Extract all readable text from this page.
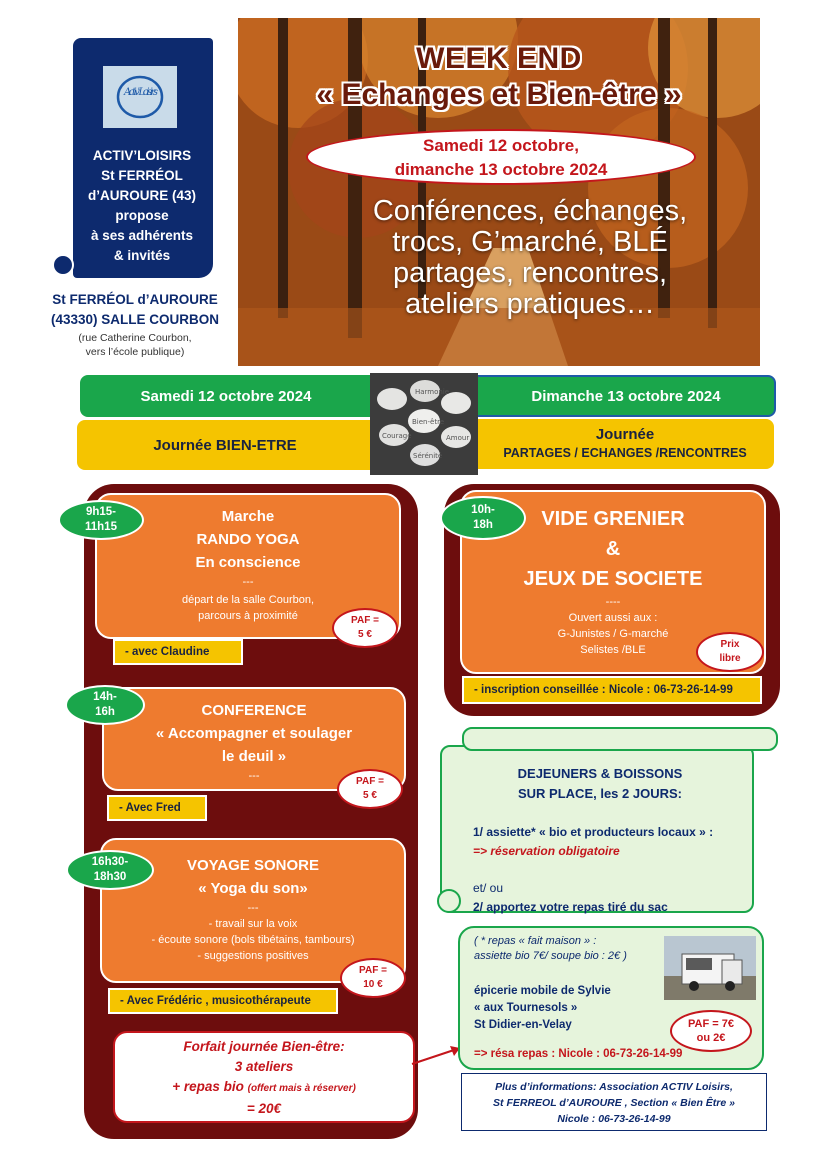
Activ' Loisirs
ACTIV’LOISIRS
St FERRÉOL
d’AUROURE (43)
propose
à ses adhérents
& invités
St FERRÉOL d’AUROURE
(43330) SALLE COURBON
(rue Catherine Courbon,
vers l’école publique)
WEEK END
« Echanges et Bien-être »
Samedi 12 octobre,
dimanche 13 octobre 2024
Conférences, échanges,
trocs, G’marché, BLÉ
partages, rencontres,
ateliers pratiques…
Samedi 12 octobre 2024	Dimanche 13 octobre 2024
Journée BIEN-ETRE
Journée
PARTAGES / ECHANGES /RENCONTRES
Bien-être
Courage	Amour
Sérénité
Harmonie
Marche
RANDO YOGA
En conscience
---
départ de la salle Courbon,
parcours à proximité
9h15-
11h15
PAF =
5 €
- avec Claudine
CONFERENCE
« Accompagner et soulager
le deuil »
---
14h-
16h
PAF =
5 €
- Avec Fred
VOYAGE SONORE
« Yoga du son»
---
- travail sur la voix
- écoute sonore (bols tibétains, tambours)
- suggestions positives
16h30-
18h30
PAF =
10 €
- Avec Frédéric , musicothérapeute
Forfait journée Bien-être:
3 ateliers
+ repas bio (offert mais à réserver)
= 20€
VIDE GRENIER
&
JEUX DE SOCIETE
----
Ouvert aussi aux :
G-Junistes / G-marché
Selistes /BLE
10h-
18h
Prix
libre
- inscription conseillée : Nicole : 06-73-26-14-99
DEJEUNERS & BOISSONS
SUR PLACE, les 2 JOURS:
1/ assiette* « bio et producteurs locaux » :
=> réservation obligatoire
et/ ou
2/ apportez votre repas tiré du sac
( * repas « fait maison » :
assiette bio 7€/ soupe bio : 2€ )
épicerie mobile de Sylvie
« aux Tournesols »
St Didier-en-Velay	PAF = 7€
ou 2€
=> résa repas : Nicole : 06-73-26-14-99
Plus d’informations: Association ACTIV Loisirs,
St FERREOL d’AUROURE , Section « Bien Être »
Nicole : 06-73-26-14-99
